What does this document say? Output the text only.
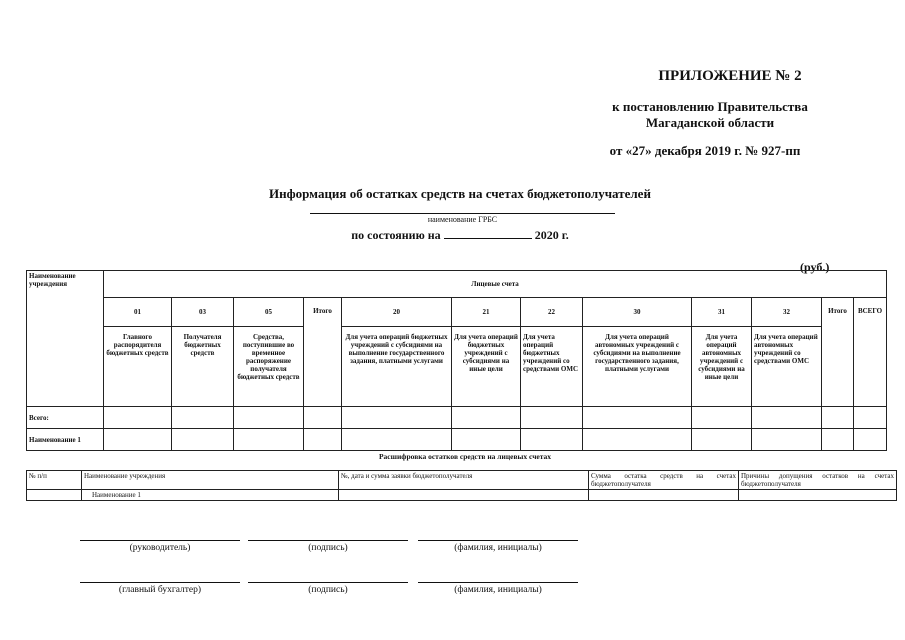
ПРИЛОЖЕНИЕ № 2
к постановлению Правительства
Магаданской области
от «27» декабря 2019 г. № 927-пп
Информация об остатках средств на счетах бюджетополучателей
наименование ГРБС
по состоянию на	2020 г.
(руб.)
Наименование учреждения	Лицевые счета											
	01	03	05	Итого	20	21	22	30	31	32	Итого	ВСЕГО
	Главного распорядителя бюджетных средств	Получателя бюджетных средств	Средства, поступившие во временное распоряжение получателя бюджетных средств		Для учета операций бюджетных учреждений с субсидиями на выполнение государственного задания, платными услугами	Для учета операций бюджетных учреждений с субсидиями на иные цели	Для учета операций бюджетных учреждений со средствами ОМС	Для учета операций автономных учреждений с субсидиями на выполнение государственного задания, платными услугами	Для учета операций автономных учреждений с субсидиями на иные цели	Для учета операций автономных учреждений со средствами ОМС		
Всего:												
Наименование 1												
Расшифровка остатков средств на лицевых счетах
№ п/п	Наименование учреждения	№, дата и сумма заявки бюджетополучателя	Сумма остатка средств на счетах бюджетополучателя	Причины допущения остатков на счетах бюджетополучателя
	Наименование 1			
(руководитель)	(подпись)	(фамилия, инициалы)
(главный бухгалтер)	(подпись)	(фамилия, инициалы)
